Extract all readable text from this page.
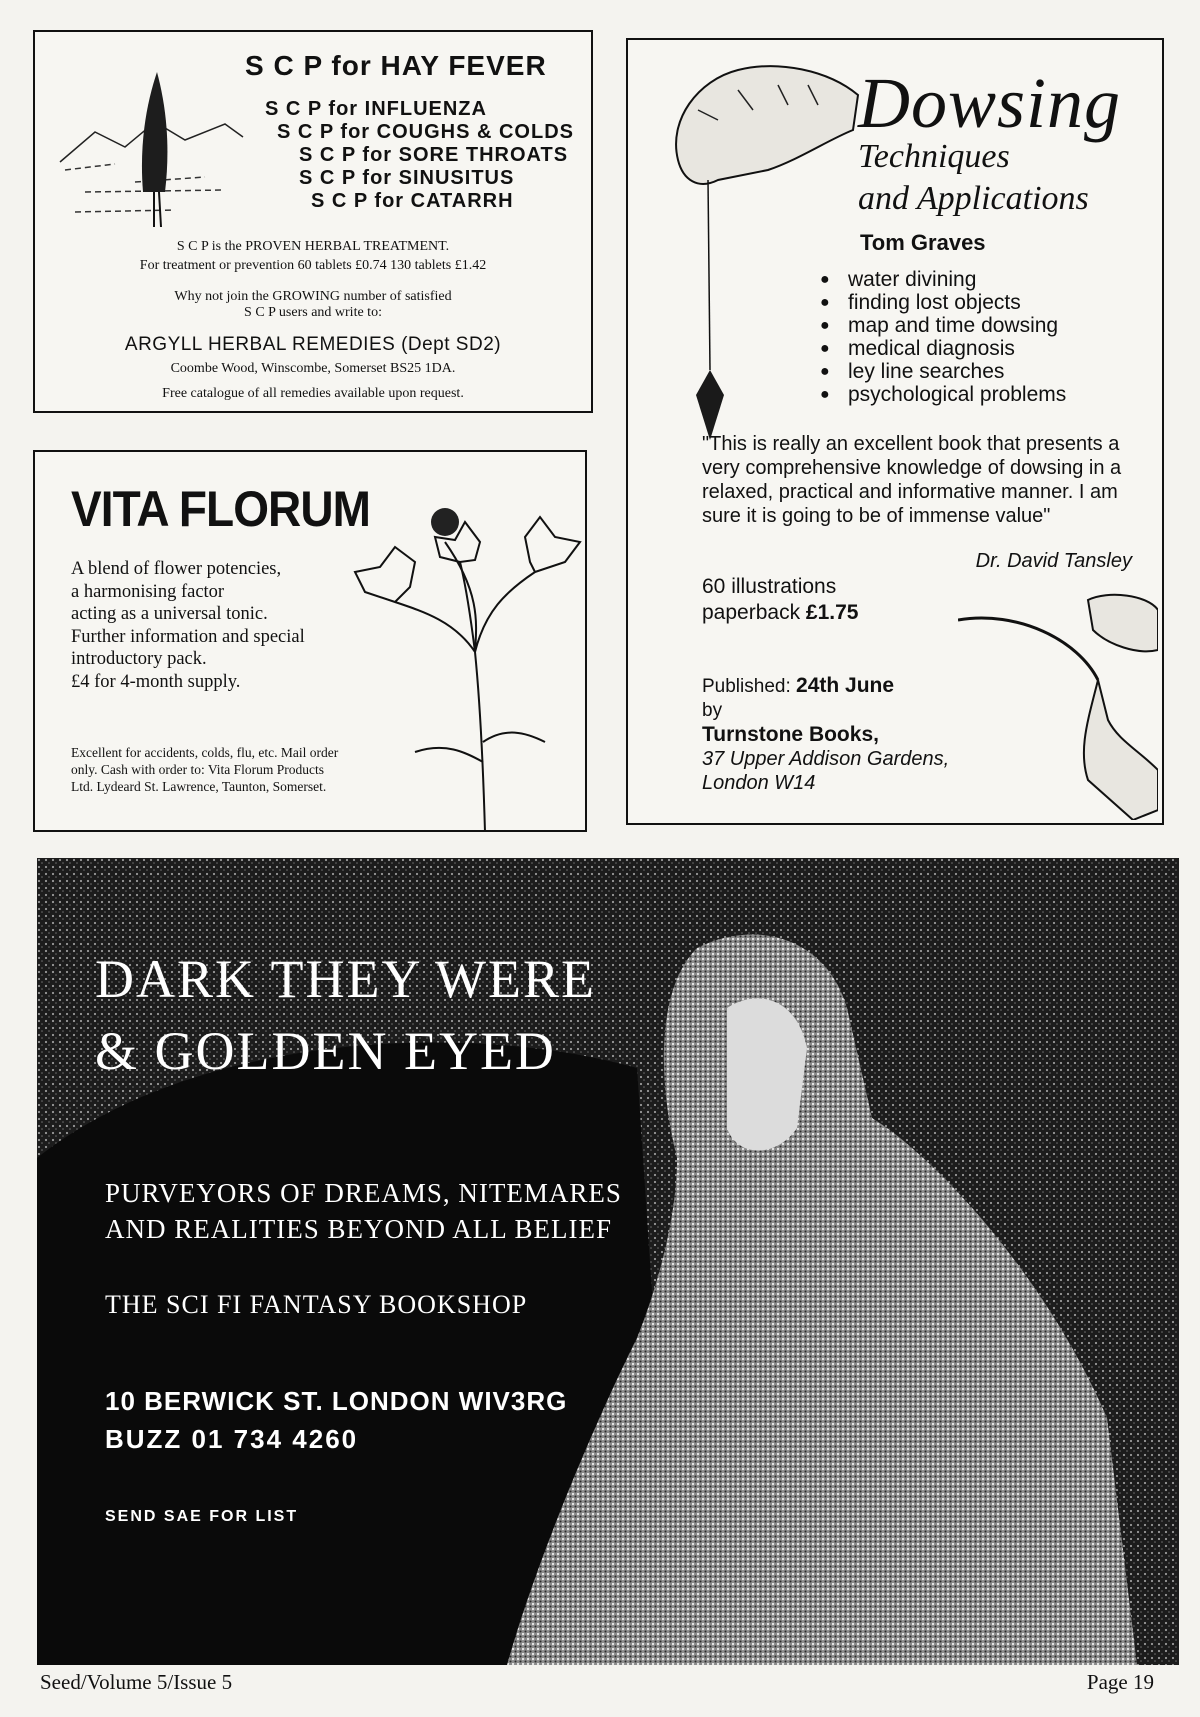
S C P for HAY FEVER
S C P for INFLUENZA
S C P for COUGHS & COLDS
S C P for SORE THROATS
S C P for SINUSITUS
S C P for CATARRH
S C P is the PROVEN HERBAL TREATMENT.
For treatment or prevention 60 tablets £0.74 130 tablets £1.42
Why not join the GROWING number of satisfied
S C P users and write to:
ARGYLL HERBAL REMEDIES (Dept SD2)
Coombe Wood, Winscombe, Somerset BS25 1DA.
Free catalogue of all remedies available upon request.
VITA FLORUM
A blend of flower potencies,
a harmonising factor
acting as a universal tonic.
Further information and special
introductory pack.
£4 for 4-month supply.
Excellent for accidents, colds, flu, etc. Mail order
only. Cash with order to: Vita Florum Products
Ltd. Lydeard St. Lawrence, Taunton, Somerset.
Dowsing
Techniques
and Applications
Tom Graves
● water divining
● finding lost objects
● map and time dowsing
● medical diagnosis
● ley line searches
● psychological problems
"This is really an excellent book that presents a very comprehensive knowledge of dowsing in a relaxed, practical and informative manner. I am sure it is going to be of immense value"
Dr. David Tansley
60 illustrations
paperback £1.75
Published: 24th June
by
Turnstone Books,
37 Upper Addison Gardens,
London W14
DARK THEY WERE
& GOLDEN EYED
PURVEYORS OF DREAMS, NITEMARES
AND REALITIES BEYOND ALL BELIEF
THE SCI FI FANTASY BOOKSHOP
10 BERWICK ST. LONDON WIV3RG
BUZZ 01 734 4260
SEND SAE FOR LIST
Seed/Volume 5/Issue 5	Page 19
